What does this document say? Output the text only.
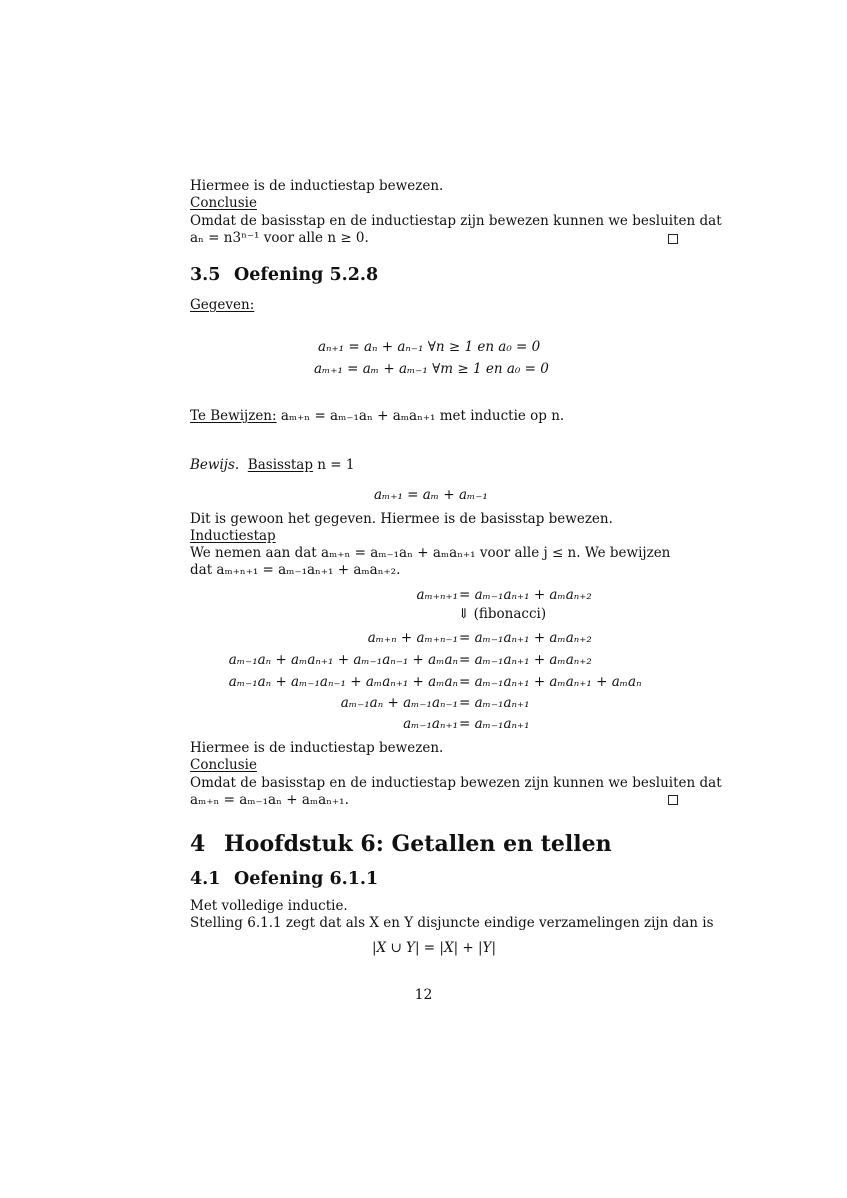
Hiermee is de inductiestap bewezen.
Conclusie
Omdat de basisstap en de inductiestap zijn bewezen kunnen we besluiten dat
aₙ = n3ⁿ⁻¹ voor alle n ≥ 0.
3.5 Oefening 5.2.8
Gegeven:
aₙ₊₁ = aₙ + aₙ₋₁ ∀n ≥ 1 en a₀ = 0
aₘ₊₁ = aₘ + aₘ₋₁ ∀m ≥ 1 en a₀ = 0
Te Bewijzen: aₘ₊ₙ = aₘ₋₁aₙ + aₘaₙ₊₁ met inductie op n.
Bewijs. Basisstap n = 1
aₘ₊₁ = aₘ + aₘ₋₁
Dit is gewoon het gegeven. Hiermee is de basisstap bewezen.
Inductiestap
We nemen aan dat aₘ₊ₙ = aₘ₋₁aₙ + aₘaₙ₊₁ voor alle j ≤ n. We bewijzen
dat aₘ₊ₙ₊₁ = aₘ₋₁aₙ₊₁ + aₘaₙ₊₂.
aₘ₊ₙ₊₁ = aₘ₋₁aₙ₊₁ + aₘaₙ₊₂
⇓ (fibonacci)
aₘ₊ₙ + aₘ₊ₙ₋₁ = aₘ₋₁aₙ₊₁ + aₘaₙ₊₂
aₘ₋₁aₙ + aₘaₙ₊₁ + aₘ₋₁aₙ₋₁ + aₘaₙ = aₘ₋₁aₙ₊₁ + aₘaₙ₊₂
aₘ₋₁aₙ + aₘ₋₁aₙ₋₁ + aₘaₙ₊₁ + aₘaₙ = aₘ₋₁aₙ₊₁ + aₘaₙ₊₁ + aₘaₙ
aₘ₋₁aₙ + aₘ₋₁aₙ₋₁ = aₘ₋₁aₙ₊₁
aₘ₋₁aₙ₊₁ = aₘ₋₁aₙ₊₁
Hiermee is de inductiestap bewezen.
Conclusie
Omdat de basisstap en de inductiestap bewezen zijn kunnen we besluiten dat
aₘ₊ₙ = aₘ₋₁aₙ + aₘaₙ₊₁.
4 Hoofdstuk 6: Getallen en tellen
4.1 Oefening 6.1.1
Met volledige inductie.
Stelling 6.1.1 zegt dat als X en Y disjuncte eindige verzamelingen zijn dan is
|X ∪ Y| = |X| + |Y|
12
